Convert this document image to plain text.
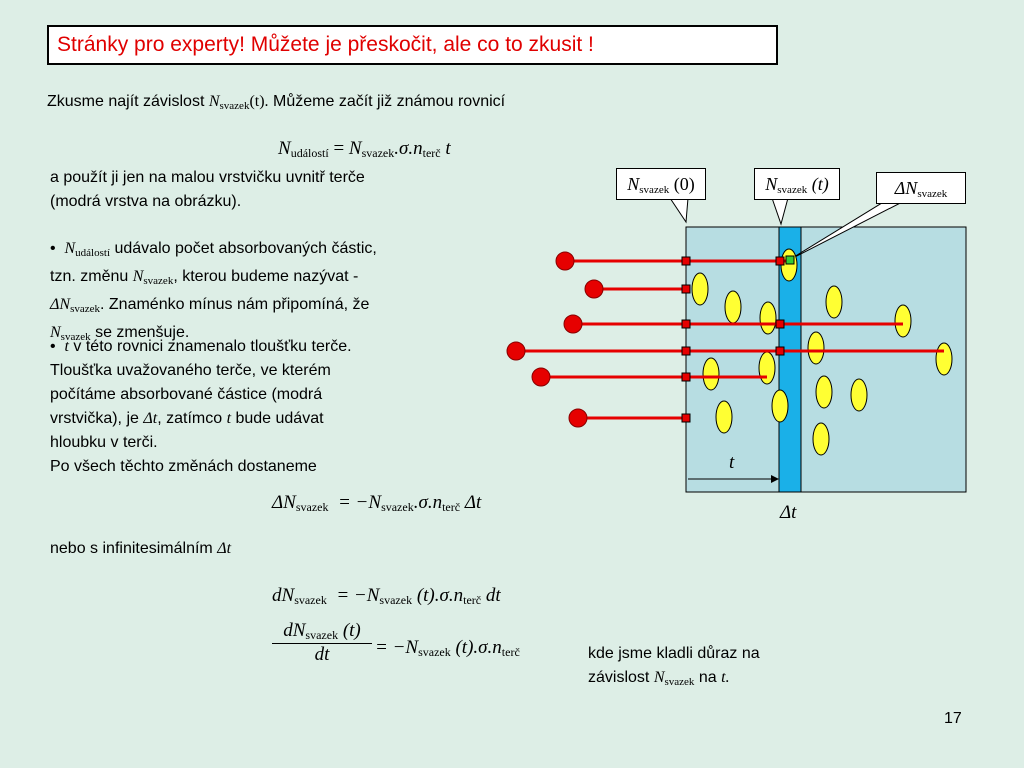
Stránky pro experty! Můžete je přeskočit, ale co to zkusit !
Zkusme najít závislost $N_{svazek}(t)$. Můžeme začít již známou rovnicí
$N_{událostí} = N_{svazek}.\sigma.n_{terč}$ t
a použít ji jen na malou vrstvičku uvnitř terče
(modrá vrstva na obrázku).
• $N_{událostí}$ udávalo počet absorbovaných částic,
tzn. změnu $N_{svazek}$, kterou budeme nazývat -
$\Delta N_{svazek}$. Znaménko mínus nám připomíná, že
$N_{svazek}$ se zmenšuje.
• t v této rovnici znamenalo tloušťku terče.
Tloušťka uvažovaného terče, ve kterém
počítáme absorbované částice (modrá
vrstvička), je Δt, zatímco t bude udávat
hloubku v terči.
Po všech těchto změnách dostaneme
$\Delta N_{svazek} = -N_{svazek}.\sigma.n_{terč}$ Δt
nebo s infinitesimálním Δt
$dN_{svazek} = -N_{svazek}$ $(t).\sigma.n_{terč}$ dt
$dN_{svazek}$ (t)
dt	= $-N_{svazek}$ $(t).\sigma.n_{terč}$	kde jsme kladli důraz na
závislost $N_{svazek}$ na t.
17
$N_{svazek}$ (0)	$N_{svazek}$ (t)	$\Delta N_{svazek}$
t
Δt
